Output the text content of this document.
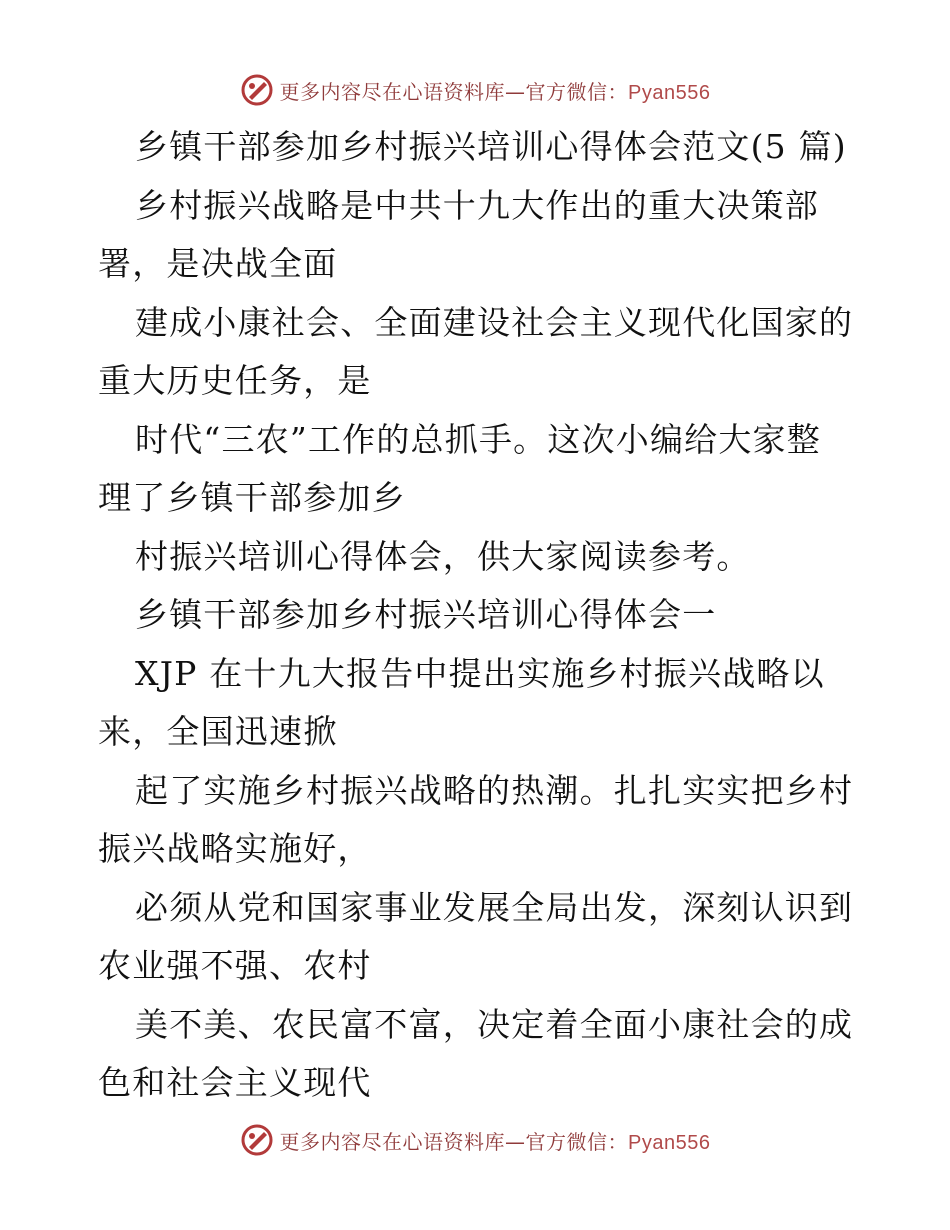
更多内容尽在心语资料库—官方微信：Pyan556
乡镇干部参加乡村振兴培训心得体会范文(5 篇)
乡村振兴战略是中共十九大作出的重大决策部
署，是决战全面
建成小康社会、全面建设社会主义现代化国家的
重大历史任务，是
时代“三农”工作的总抓手。这次小编给大家整
理了乡镇干部参加乡
村振兴培训心得体会，供大家阅读参考。
乡镇干部参加乡村振兴培训心得体会一
XJP 在十九大报告中提出实施乡村振兴战略以
来，全国迅速掀
起了实施乡村振兴战略的热潮。扎扎实实把乡村
振兴战略实施好，
必须从党和国家事业发展全局出发，深刻认识到
农业强不强、农村
美不美、农民富不富，决定着全面小康社会的成
色和社会主义现代
更多内容尽在心语资料库—官方微信：Pyan556
